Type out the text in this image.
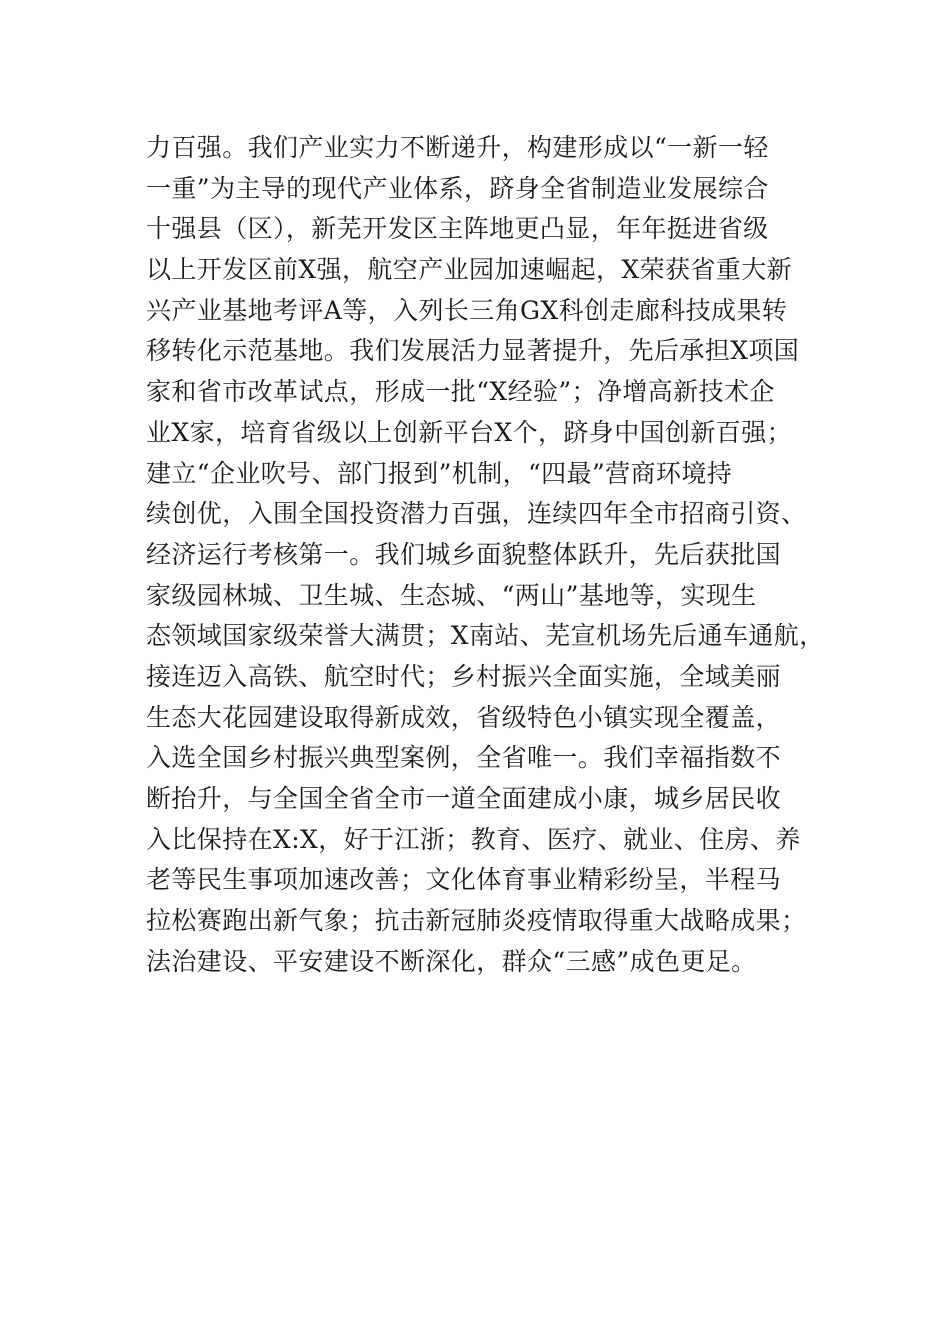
力百强。我们产业实力不断递升，构建形成以“一新一轻
一重”为主导的现代产业体系，跻身全省制造业发展综合
十强县（区），新芜开发区主阵地更凸显，年年挺进省级
以上开发区前X强，航空产业园加速崛起，X荣获省重大新
兴产业基地考评A等，入列长三角GX科创走廊科技成果转
移转化示范基地。我们发展活力显著提升，先后承担X项国
家和省市改革试点，形成一批“X经验”；净增高新技术企
业X家，培育省级以上创新平台X个，跻身中国创新百强；
建立“企业吹号、部门报到”机制，“四最”营商环境持
续创优，入围全国投资潜力百强，连续四年全市招商引资、
经济运行考核第一。我们城乡面貌整体跃升，先后获批国
家级园林城、卫生城、生态城、“两山”基地等，实现生
态领域国家级荣誉大满贯；X南站、芜宣机场先后通车通航，
接连迈入高铁、航空时代；乡村振兴全面实施，全域美丽
生态大花园建设取得新成效，省级特色小镇实现全覆盖，
入选全国乡村振兴典型案例，全省唯一。我们幸福指数不
断抬升，与全国全省全市一道全面建成小康，城乡居民收
入比保持在X:X，好于江浙；教育、医疗、就业、住房、养
老等民生事项加速改善；文化体育事业精彩纷呈，半程马
拉松赛跑出新气象；抗击新冠肺炎疫情取得重大战略成果；
法治建设、平安建设不断深化，群众“三感”成色更足。
